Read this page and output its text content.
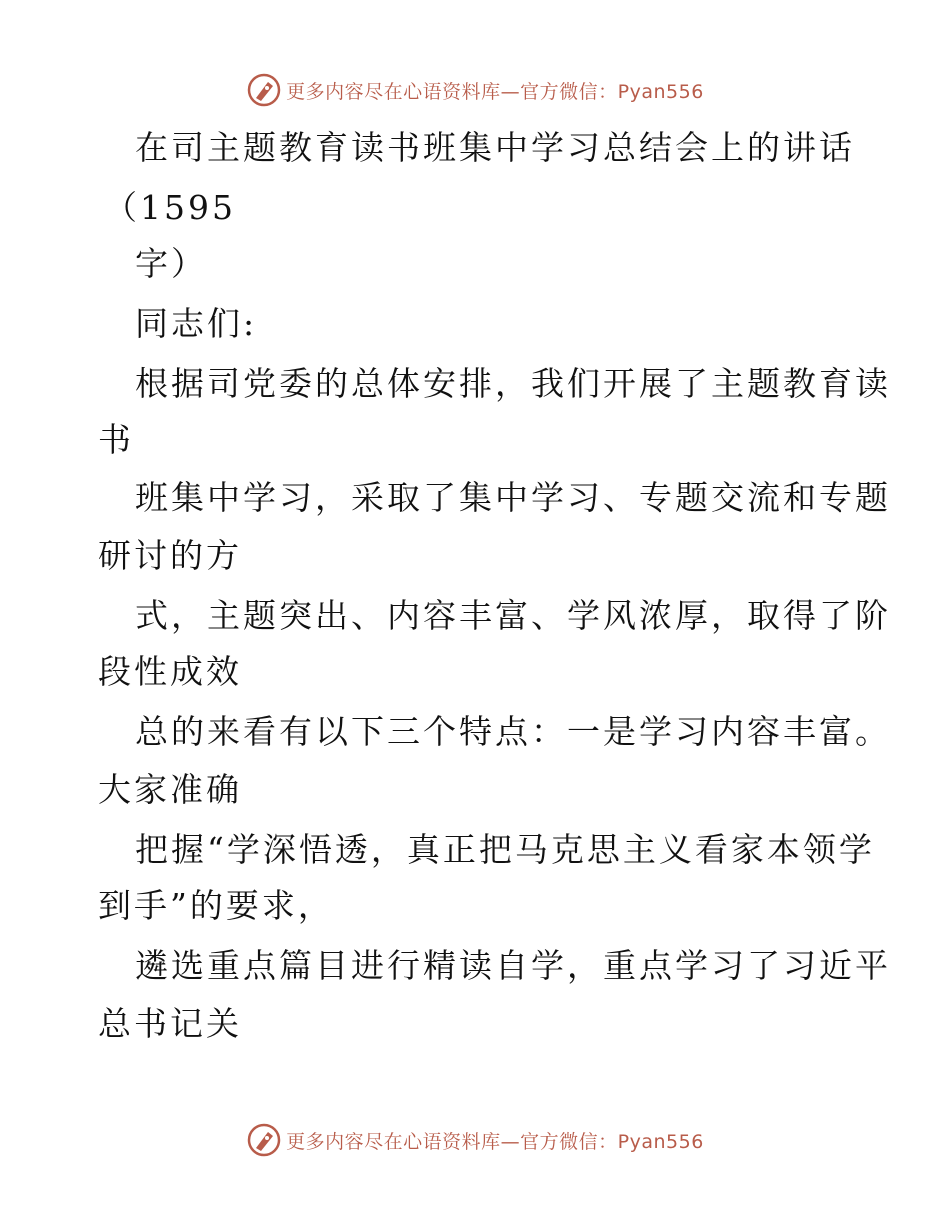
更多内容尽在心语资料库—官方微信：Pyan556
在司主题教育读书班集中学习总结会上的讲话
（1595
字）
同志们:
根据司党委的总体安排，我们开展了主题教育读
书
班集中学习，采取了集中学习、专题交流和专题
研讨的方
式，主题突出、内容丰富、学风浓厚，取得了阶
段性成效
总的来看有以下三个特点：一是学习内容丰富。
大家准确
把握“学深悟透，真正把马克思主义看家本领学
到手”的要求，
遴选重点篇目进行精读自学，重点学习了习近平
总书记关
更多内容尽在心语资料库—官方微信：Pyan556
